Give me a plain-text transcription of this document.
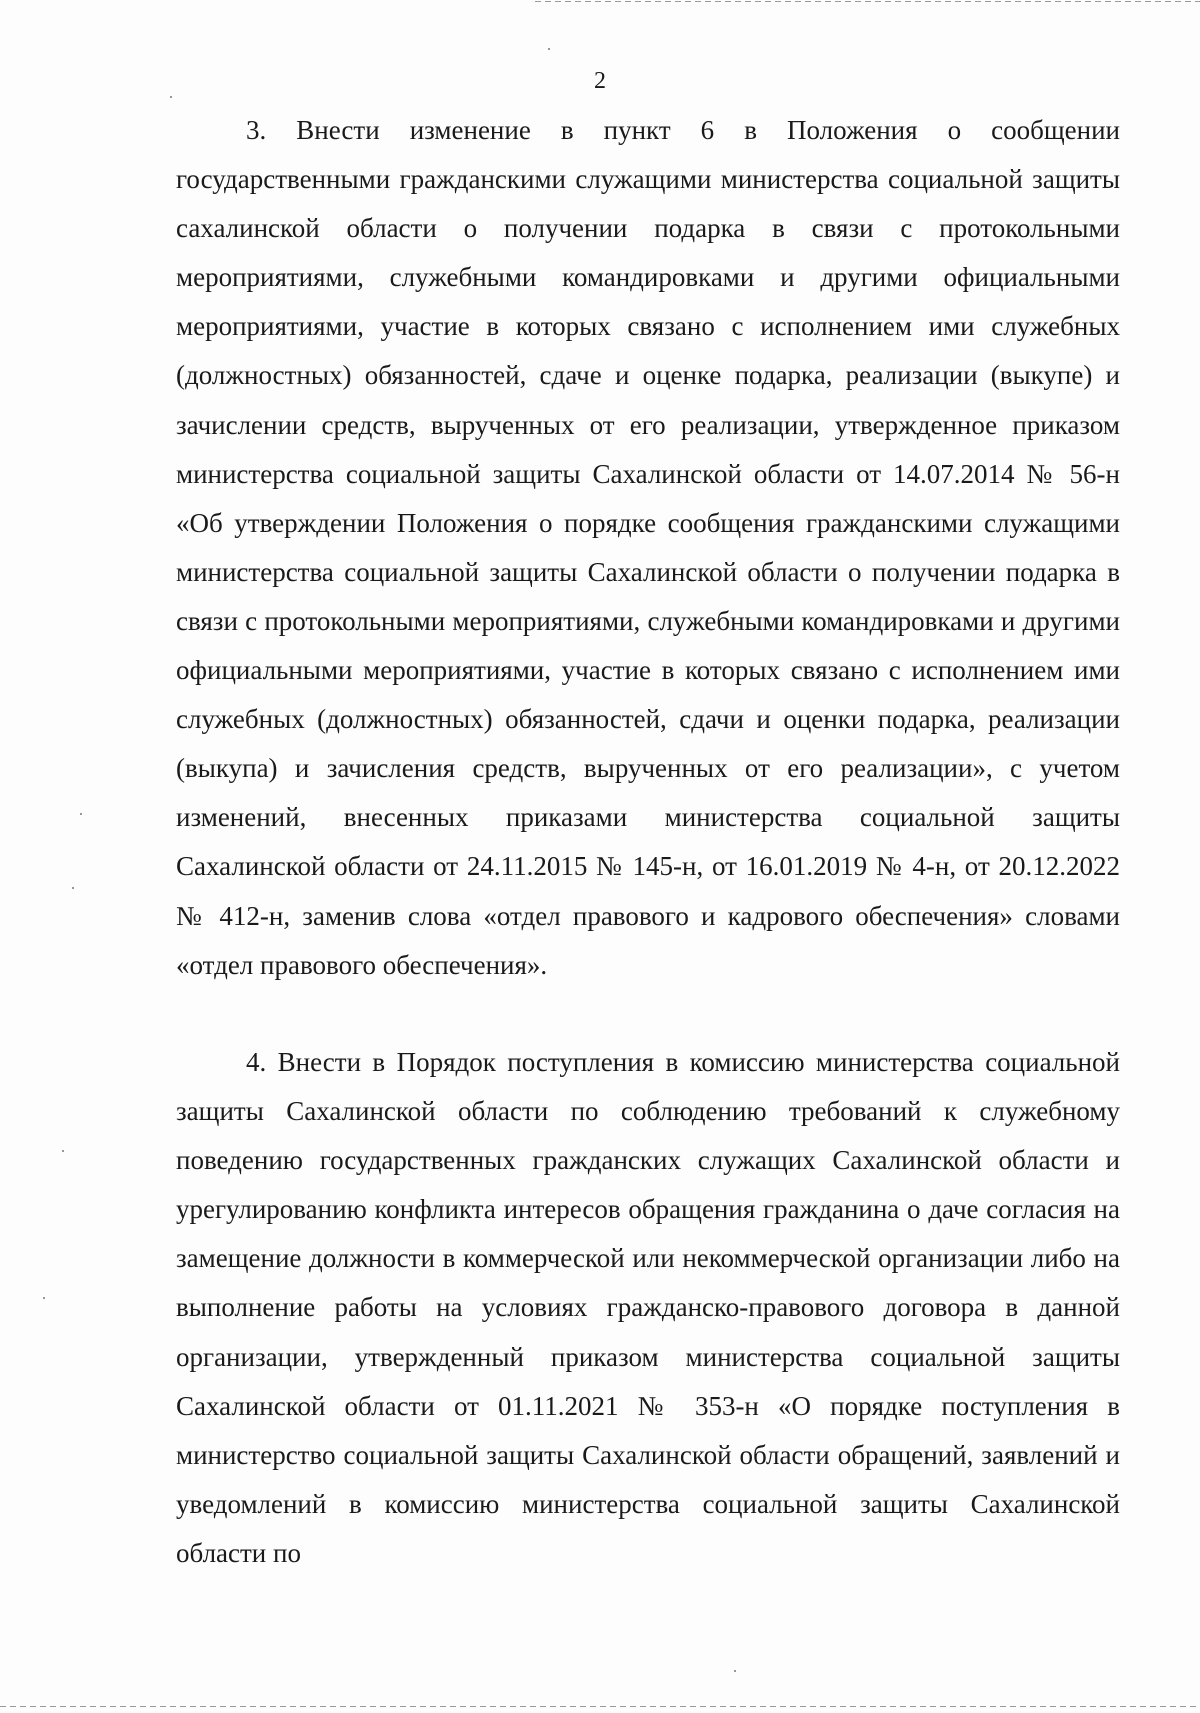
2

3. Внести изменение в пункт 6 в Положения о сообщении государственными гражданскими служащими министерства социальной защиты сахалинской области о получении подарка в связи с протокольными мероприятиями, служебными командировками и другими официальными мероприятиями, участие в которых связано с исполнением ими служебных (должностных) обязанностей, сдаче и оценке подарка, реализации (выкупе) и зачислении средств, вырученных от его реализации, утвержденное приказом министерства социальной защиты Сахалинской области от 14.07.2014 № 56-н «Об утверждении Положения о порядке сообщения гражданскими служащими министерства социальной защиты Сахалинской области о получении подарка в связи с протокольными мероприятиями, служебными командировками и другими официальными мероприятиями, участие в которых связано с исполнением ими служебных (должностных) обязанностей, сдачи и оценки подарка, реализации (выкупа) и зачисления средств, вырученных от его реализации», с учетом изменений, внесенных приказами министерства социальной защиты Сахалинской области от 24.11.2015 № 145-н, от 16.01.2019 № 4-н, от 20.12.2022 № 412-н, заменив слова «отдел правового и кадрового обеспечения» словами «отдел правового обеспечения».

4. Внести в Порядок поступления в комиссию министерства социальной защиты Сахалинской области по соблюдению требований к служебному поведению государственных гражданских служащих Сахалинской области и урегулированию конфликта интересов обращения гражданина о даче согласия на замещение должности в коммерческой или некоммерческой организации либо на выполнение работы на условиях гражданско-правового договора в данной организации, утвержденный приказом министерства социальной защиты Сахалинской области от 01.11.2021 № 353-н «О порядке поступления в министерство социальной защиты Сахалинской области обращений, заявлений и уведомлений в комиссию министерства социальной защиты Сахалинской области по
